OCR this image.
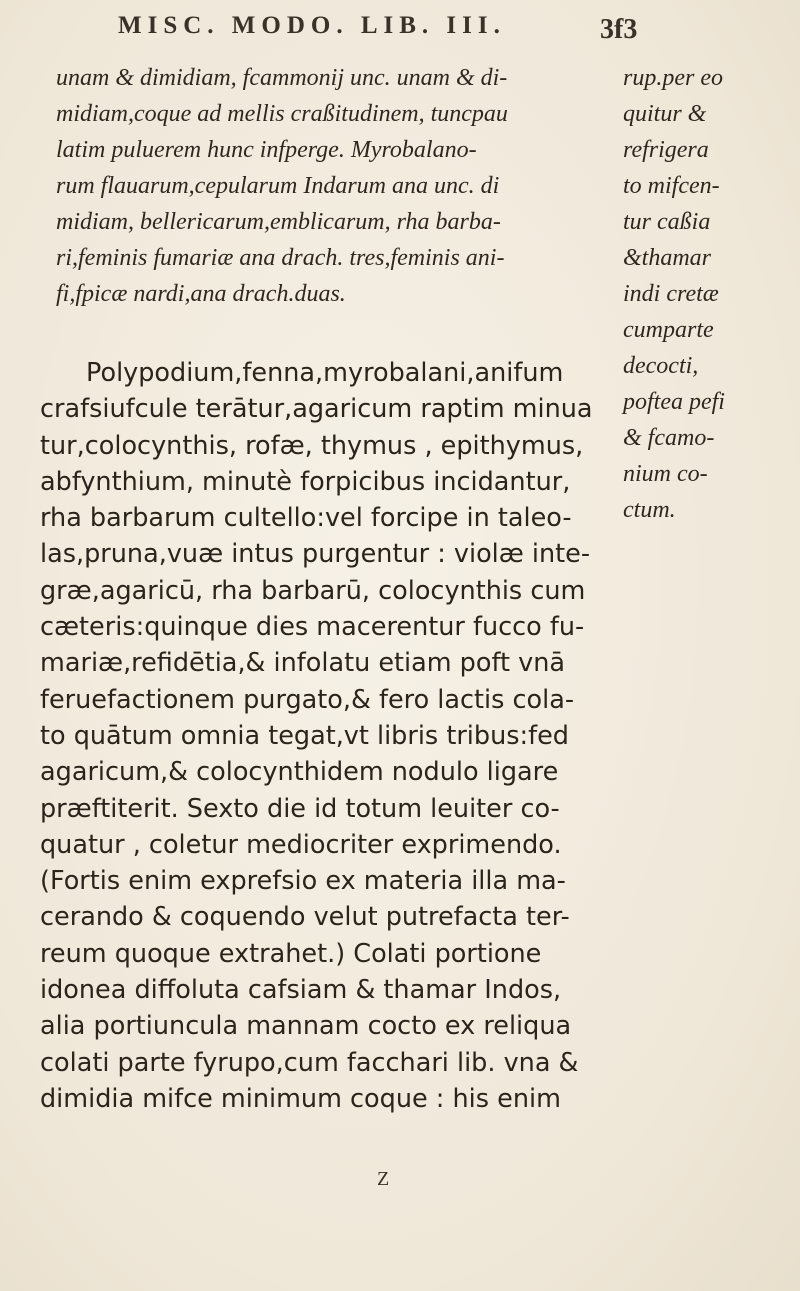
MISC. MODO. LIB. III.	3f3
unam & dimidiam, fcammonij unc. unam & di-
midiam,coque ad mellis craßitudinem, tuncpau
latim puluerem hunc infperge. Myrobalano-
rum flauarum,cepularum Indarum ana unc. di
midiam, bellericarum,emblicarum, rha barba-
ri,feminis fumariæ ana drach. tres,feminis ani-
fi,fpicæ nardi,ana drach.duas.
rup.per eo
quitur &
refrigera
to mifcen-
tur caßia
&thamar
indi cretæ
cumparte
decocti,
poftea pefi
& fcamo-
nium co-
ctum.
Polypodium,fenna,myrobalani,anifum
crafsiufcule terātur,agaricum raptim minua
tur,colocynthis, rofæ, thymus , epithymus,
abfynthium, minutè forpicibus incidantur,
rha barbarum cultello:vel forcipe in taleo-
las,pruna,vuæ intus purgentur : violæ inte-
græ,agaricū, rha barbarū, colocynthis cum
cæteris:quinque dies macerentur fucco fu-
mariæ,refidētia,& infolatu etiam poft vnā
feruefactionem purgato,& fero lactis cola-
to quātum omnia tegat,vt libris tribus:fed
agaricum,& colocynthidem nodulo ligare
præftiterit. Sexto die id totum leuiter co-
quatur , coletur mediocriter exprimendo.
(Fortis enim exprefsio ex materia illa ma-
cerando & coquendo velut putrefacta ter-
reum quoque extrahet.) Colati portione
idonea diffoluta cafsiam & thamar Indos,
alia portiuncula mannam cocto ex reliqua
colati parte fyrupo,cum facchari lib. vna &
dimidia mifce minimum coque : his enim
Z
